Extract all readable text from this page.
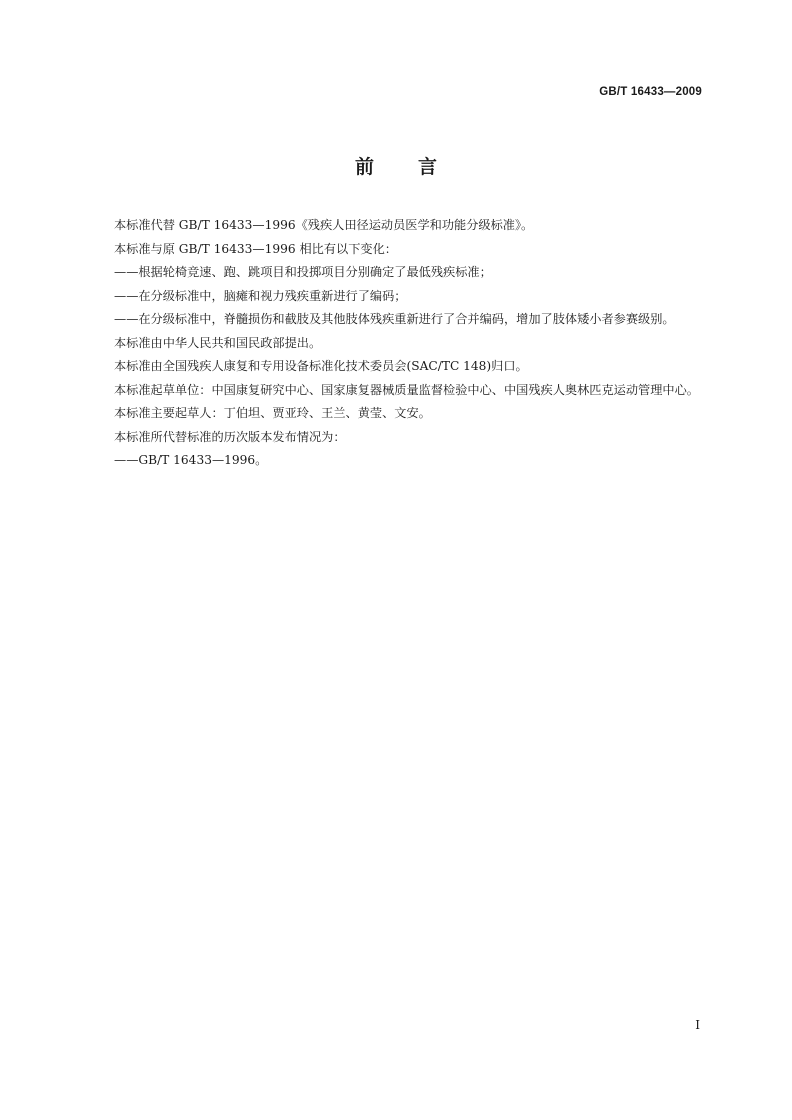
GB/T 16433—2009
前 言

本标准代替 GB/T 16433—1996《残疾人田径运动员医学和功能分级标准》。

本标准与原 GB/T 16433—1996 相比有以下变化：

——根据轮椅竞速、跑、跳项目和投掷项目分别确定了最低残疾标准；

——在分级标准中，脑瘫和视力残疾重新进行了编码；

——在分级标准中，脊髓损伤和截肢及其他肢体残疾重新进行了合并编码，增加了肢体矮小者参赛级别。

本标准由中华人民共和国民政部提出。

本标准由全国残疾人康复和专用设备标准化技术委员会(SAC/TC 148)归口。

本标准起草单位：中国康复研究中心、国家康复器械质量监督检验中心、中国残疾人奥林匹克运动管理中心。

本标准主要起草人：丁伯坦、贾亚玲、王兰、黄莹、文安。

本标准所代替标准的历次版本发布情况为：

——GB/T 16433—1996。

I
